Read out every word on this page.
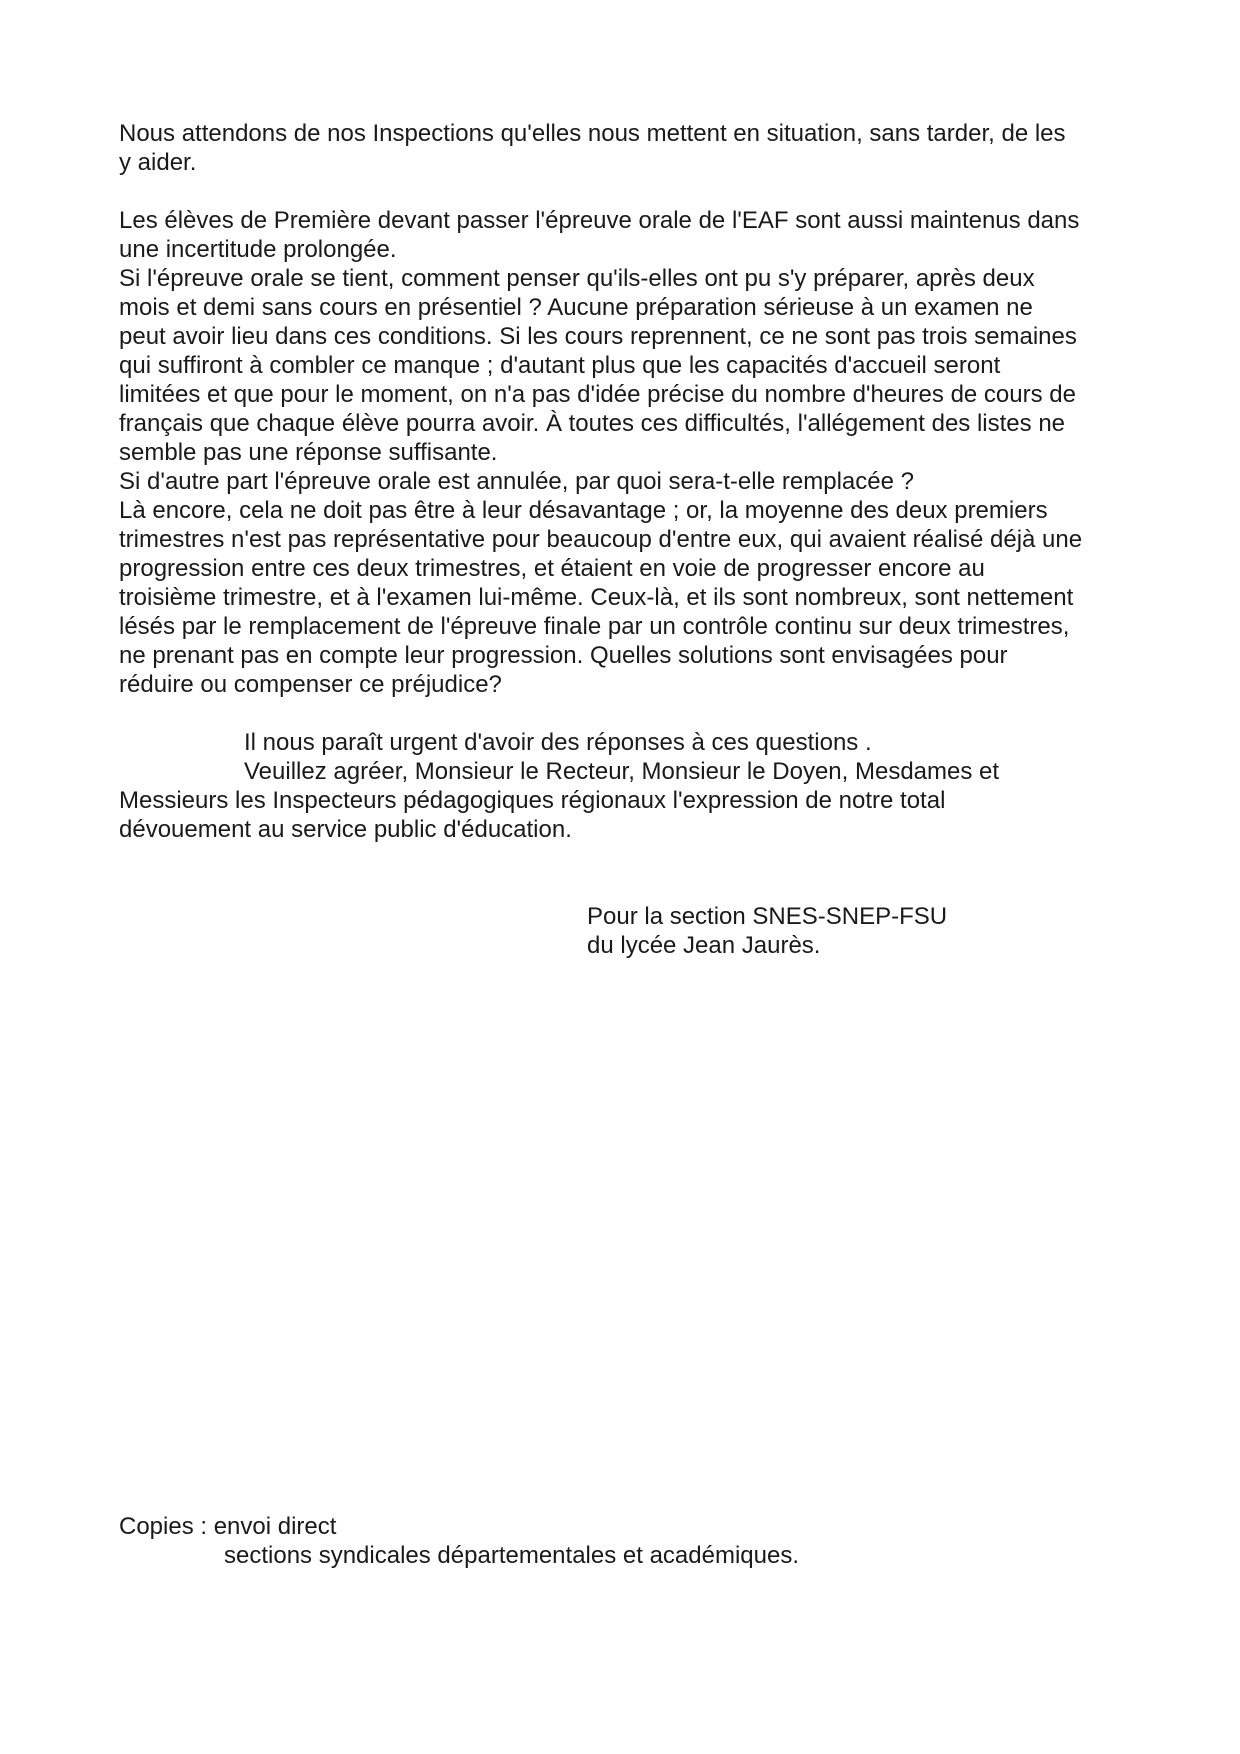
Nous attendons de nos Inspections qu'elles nous mettent en situation, sans tarder, de les

y aider.

Les élèves de Première devant passer l'épreuve orale de l'EAF sont aussi maintenus dans

une incertitude prolongée.

Si l'épreuve orale se tient, comment penser qu'ils-elles ont pu s'y préparer, après deux

mois et demi sans cours en présentiel ? Aucune préparation sérieuse à un examen ne

peut avoir lieu dans ces conditions. Si les cours reprennent, ce ne sont pas trois semaines

qui suffiront à combler ce manque ; d'autant plus que les capacités d'accueil seront

limitées et que pour le moment, on n'a pas d'idée précise du nombre d'heures de cours de

français que chaque élève pourra avoir. À toutes ces difficultés, l'allégement des listes ne

semble pas une réponse suffisante.

Si d'autre part l'épreuve orale est annulée, par quoi sera-t-elle remplacée ?

Là encore, cela ne doit pas être à leur désavantage ; or, la moyenne des deux premiers

trimestres n'est pas représentative pour beaucoup d'entre eux, qui avaient réalisé déjà une

progression entre ces deux trimestres, et étaient en voie de progresser encore au

troisième trimestre, et à l'examen lui-même. Ceux-là, et ils sont nombreux, sont nettement

lésés par le remplacement de l'épreuve finale par un contrôle continu sur deux trimestres,

ne prenant pas en compte leur progression. Quelles solutions sont envisagées pour

réduire ou compenser ce préjudice?

Il nous paraît urgent d'avoir des réponses à ces questions .

Veuillez agréer, Monsieur le Recteur, Monsieur le Doyen, Mesdames et

Messieurs les Inspecteurs pédagogiques régionaux l'expression de notre total

dévouement au service public d'éducation.

Pour la section SNES-SNEP-FSU

du lycée Jean Jaurès.

Copies : envoi direct

sections syndicales départementales et académiques.
